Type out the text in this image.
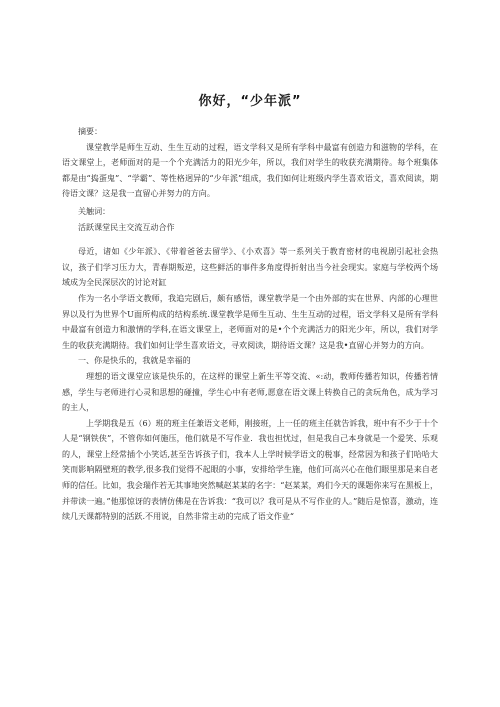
你好，“少年派”

摘要：

课堂教学是师生互动、生生互动的过程，语文学科又是所有学科中最富有创造力和滋物的学科，在语文课堂上，老师面对的是一个个充满活力的阳光少年，所以，我们对学生的收获充满期待。每个班集体都是由“捣蛋鬼”、“学霸”、等性格迥异的“少年派”组成，我们如何让班级内学生喜欢语文，喜欢阅读，期待语文课？这是我一直留心并努力的方向。

关触词：

活跃课堂民主交流互动合作

母近，诸如《少年派》、《带着爸爸去留学》、《小欢喜》等一系列关于教育密材的电视剧引起社会热议，孩子们学习压力大，青春期叛逆，这些鲜活的事件多角度得折射出当今社会现实。家庭与学校两个场域成为全民深层次的讨论对缸

作为一名小学语文教师，我追完剧后，颇有感悟，课堂教学是一个由外部的实在世界、内部的心理世界以及行为世界个U面所构成的结构系统.课堂教学是师生互动、生生互动的过程，语文学科又是所有学科中最富有创造力和激情的学科,在语文课堂上，老师面对的是•个个充满活力的阳光少年，所以，我们对学生的收获充满期待。我们如何让学生喜欢语文，寻欢阅读，期待语文课？这是我•直留心并努力的方向。

一、你是快乐的，我就是幸福的

理想的语文课堂应该是快乐的，在这样的课堂上新生平等交流、«:动，教师传播若知识，传播若情感，学生与老师进行心灵和思想的碰撞，学生心中有老师,愿意在语文课上转换自己的贪玩角色，成为学习的主人，

上学期我是五（6）班的班主任兼语文老师，刚接班，上一任的班主任就告诉我，班中有不少于十个人是“钢铁侠”，不管你如何施压，他们就是不写作业．我也担忧过，但是我自己本身就是一个爱笑、乐观的人，课堂上经常插个小笑话,甚至告诉孩子们，我本人上学时候学语文的税事，经常因为和孩子们哈哈大笑而影响隔壁班的教学,很多我们觉得不起眼的小事，安排给学生施，他们可高兴心在他们眼里那是来自老师的信任。比如，我会瑞作若无其事地突然喊赵某某的名字：“赵某某，鸡们今天的课题你来写在黑板上，并带读一遍。”他那惊讶的表情仿佛是在告诉我：“我可以？我可是从不写作业的人。”随后是惊喜，激动，连续几天课都特别的活跃.不用说，自然非常主动的完成了语文作业“
